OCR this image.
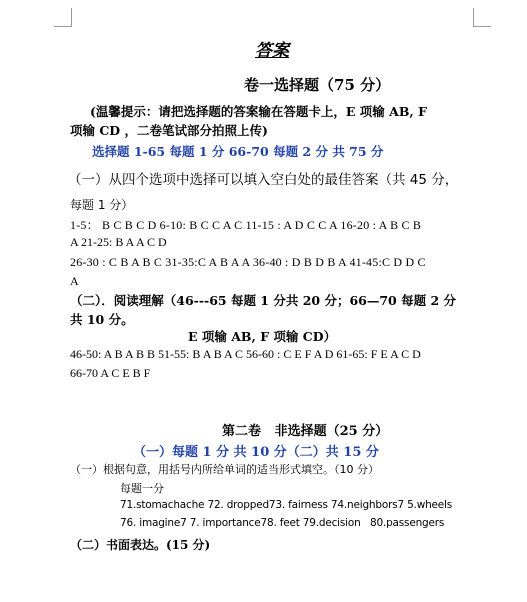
答案
卷一选择题（75 分）
(温馨提示：请把选择题的答案输在答题卡上，E 项输 AB, F
项输 CD ，二卷笔试部分拍照上传)
选择题 1-65 每题 1 分 66-70 每题 2 分 共 75 分
（一）从四个选项中选择可以填入空白处的最佳答案（共 45 分，
每题 1 分）
1-5： B C B C D 6-10: B C C A C 11-15 : A D C C A 16-20 : A B C B
A 21-25: B A A C D
26-30 : C B A B C 31-35:C A B A A 36-40 : D B D B A 41-45:C D D C
A
（二）．阅读理解（46---65 每题 1 分共 20 分；66—70 每题 2 分
共 10 分。
E 项输 AB, F 项输 CD）
46-50: A B A B B 51-55: B A B A C 56-60 : C E F A D 61-65: F E A C D
66-70 A C E B F
第二卷   非选择题（25 分）
（一）每题 1 分 共 10 分（二）共 15 分
（一）根据句意，用括号内所给单词的适当形式填空。（10 分）
每题一分
71.stomachache 72. dropped73. fairness 74.neighbors7 5.wheels
76. imagine7 7. importance78. feet 79.decision   80.passengers
（二）书面表达。(15 分)
